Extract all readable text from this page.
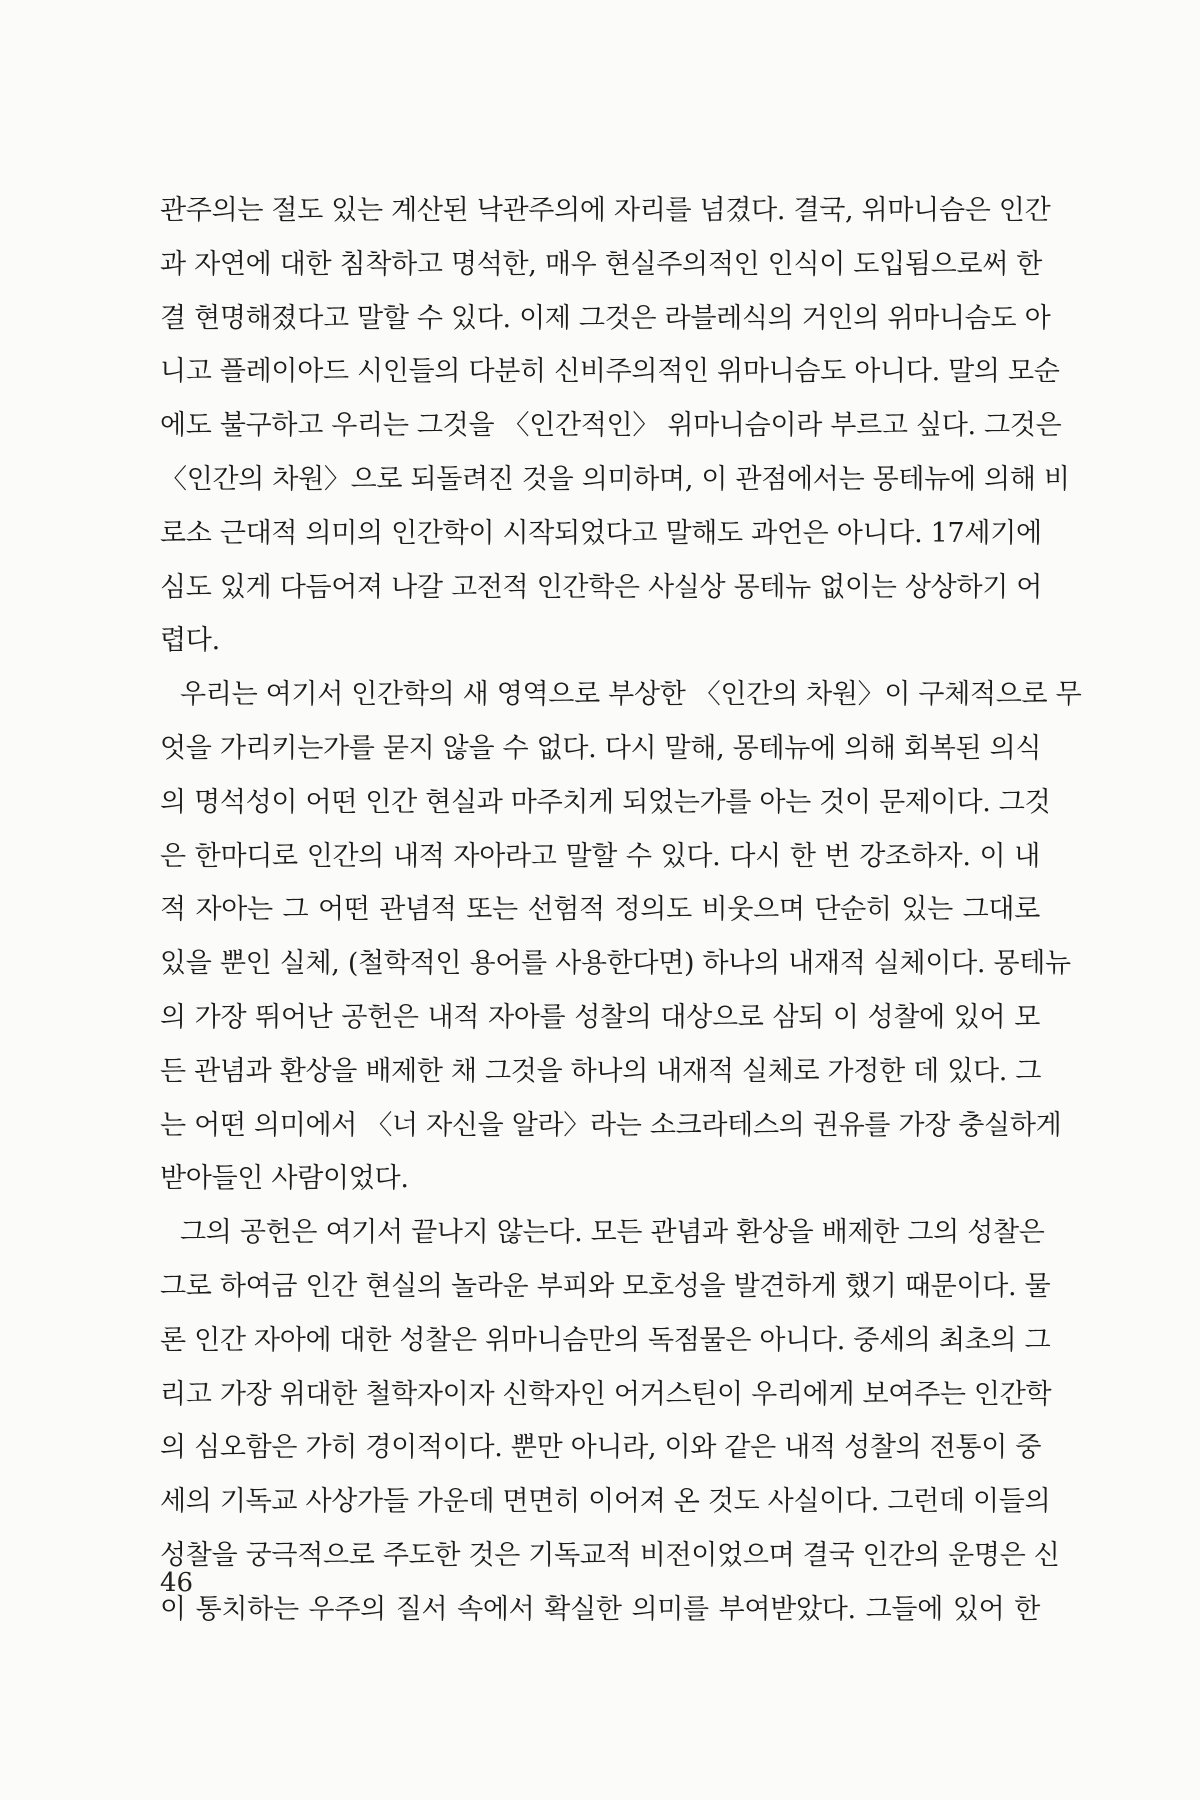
관주의는 절도 있는 계산된 낙관주의에 자리를 넘겼다. 결국, 위마니슴은 인간
과 자연에 대한 침착하고 명석한, 매우 현실주의적인 인식이 도입됨으로써 한
결 현명해졌다고 말할 수 있다. 이제 그것은 라블레식의 거인의 위마니슴도 아
니고 플레이아드 시인들의 다분히 신비주의적인 위마니슴도 아니다. 말의 모순
에도 불구하고 우리는 그것을 〈인간적인〉 위마니슴이라 부르고 싶다. 그것은
〈인간의 차원〉으로 되돌려진 것을 의미하며, 이 관점에서는 몽테뉴에 의해 비
로소 근대적 의미의 인간학이 시작되었다고 말해도 과언은 아니다. 17세기에
심도 있게 다듬어져 나갈 고전적 인간학은 사실상 몽테뉴 없이는 상상하기 어
렵다.
우리는 여기서 인간학의 새 영역으로 부상한 〈인간의 차원〉이 구체적으로 무
엇을 가리키는가를 묻지 않을 수 없다. 다시 말해, 몽테뉴에 의해 회복된 의식
의 명석성이 어떤 인간 현실과 마주치게 되었는가를 아는 것이 문제이다. 그것
은 한마디로 인간의 내적 자아라고 말할 수 있다. 다시 한 번 강조하자. 이 내
적 자아는 그 어떤 관념적 또는 선험적 정의도 비웃으며 단순히 있는 그대로
있을 뿐인 실체, (철학적인 용어를 사용한다면) 하나의 내재적 실체이다. 몽테뉴
의 가장 뛰어난 공헌은 내적 자아를 성찰의 대상으로 삼되 이 성찰에 있어 모
든 관념과 환상을 배제한 채 그것을 하나의 내재적 실체로 가정한 데 있다. 그
는 어떤 의미에서 〈너 자신을 알라〉라는 소크라테스의 권유를 가장 충실하게
받아들인 사람이었다.
그의 공헌은 여기서 끝나지 않는다. 모든 관념과 환상을 배제한 그의 성찰은
그로 하여금 인간 현실의 놀라운 부피와 모호성을 발견하게 했기 때문이다. 물
론 인간 자아에 대한 성찰은 위마니슴만의 독점물은 아니다. 중세의 최초의 그
리고 가장 위대한 철학자이자 신학자인 어거스틴이 우리에게 보여주는 인간학
의 심오함은 가히 경이적이다. 뿐만 아니라, 이와 같은 내적 성찰의 전통이 중
세의 기독교 사상가들 가운데 면면히 이어져 온 것도 사실이다. 그런데 이들의
성찰을 궁극적으로 주도한 것은 기독교적 비전이었으며 결국 인간의 운명은 신
이 통치하는 우주의 질서 속에서 확실한 의미를 부여받았다. 그들에 있어 한
46
